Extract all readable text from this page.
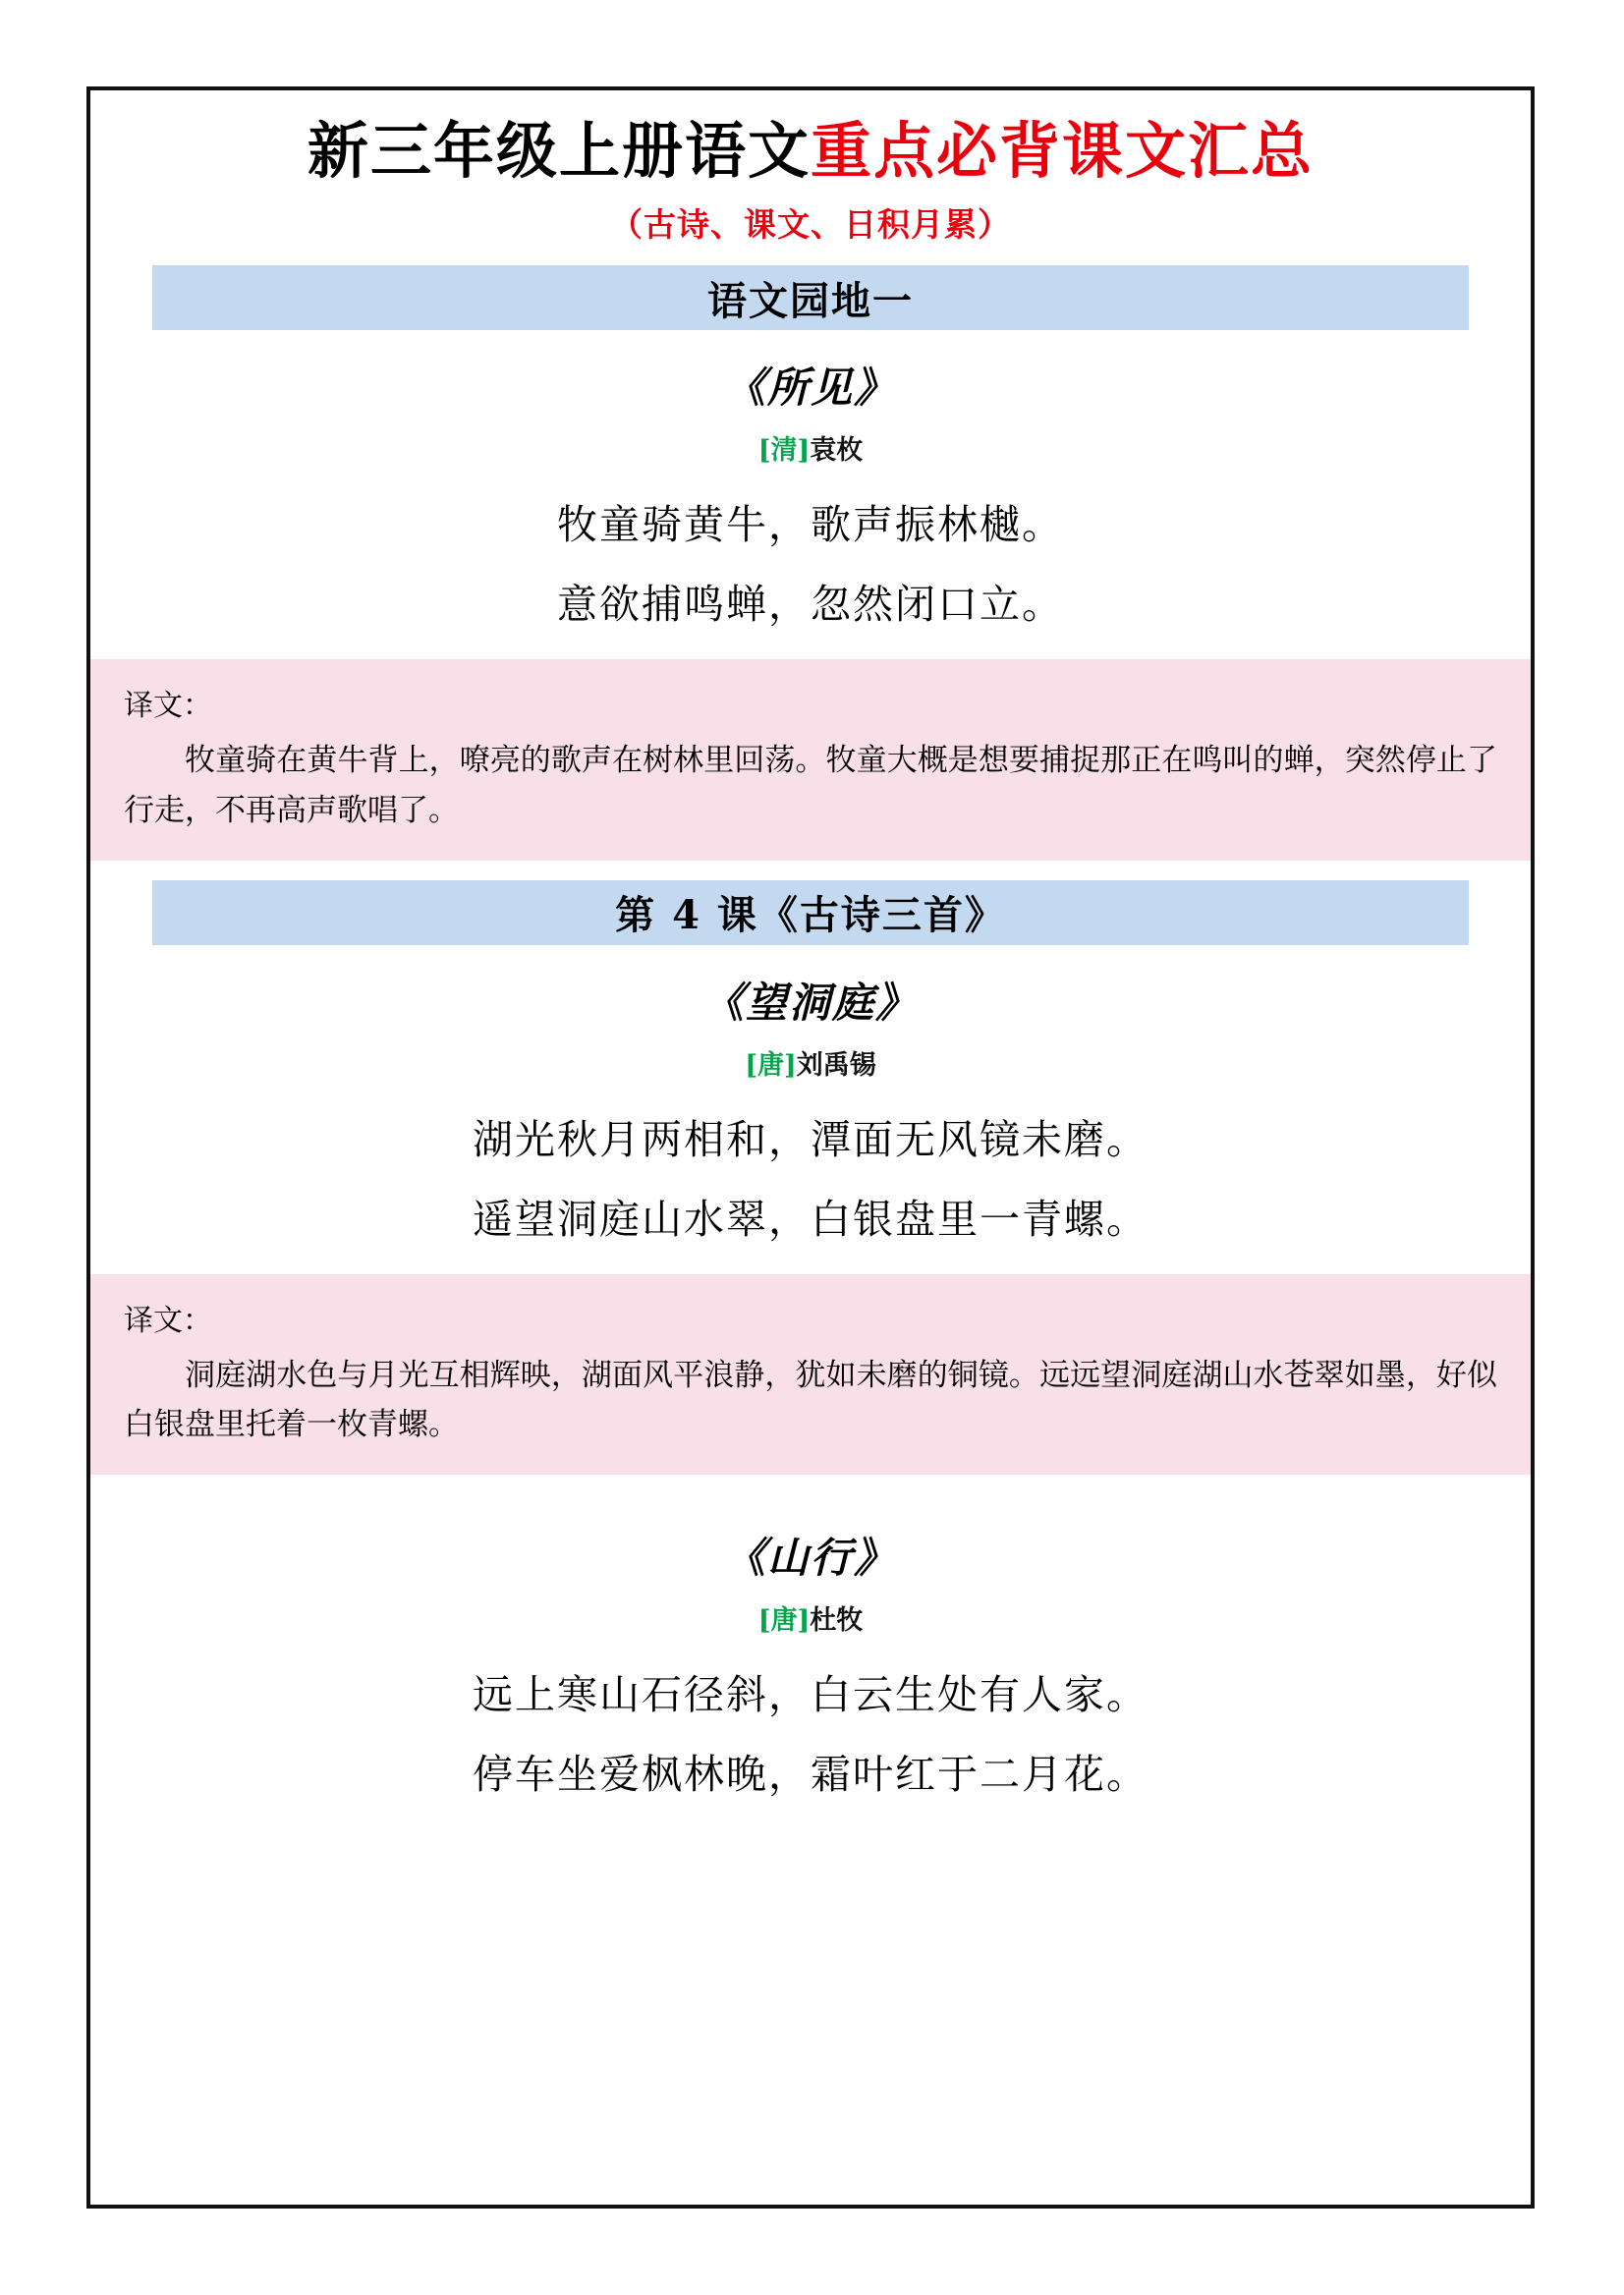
新三年级上册语文重点必背课文汇总
（古诗、课文、日积月累）
语文园地一
《所见》
[清]袁枚
牧童骑黄牛，歌声振林樾。
意欲捕鸣蝉，忽然闭口立。
译文：
牧童骑在黄牛背上，嘹亮的歌声在树林里回荡。牧童大概是想要捕捉那正在鸣叫的蝉，突然停止了行走，不再高声歌唱了。
第 4 课《古诗三首》
《望洞庭》
[唐]刘禹锡
湖光秋月两相和，潭面无风镜未磨。
遥望洞庭山水翠，白银盘里一青螺。
译文：
洞庭湖水色与月光互相辉映，湖面风平浪静，犹如未磨的铜镜。远远望洞庭湖山水苍翠如墨，好似白银盘里托着一枚青螺。
《山行》
[唐]杜牧
远上寒山石径斜，白云生处有人家。
停车坐爱枫林晚，霜叶红于二月花。
